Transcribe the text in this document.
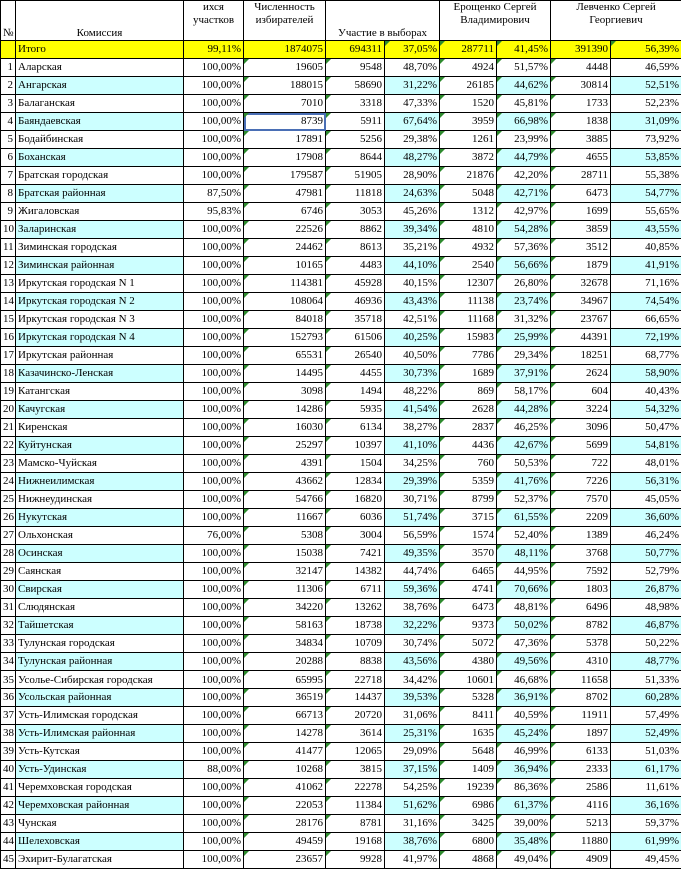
№	Комиссия	ихся участков	Численность избирателей	Участие в выборах		Ерощенко Сергей Владимирович		Левченко Сергей Георгиевич	
	Итого	99,11%	1874075	694311	37,05%	287711	41,45%	391390	56,39%
1	Аларская	100,00%	19605	9548	48,70%	4924	51,57%	4448	46,59%
2	Ангарская	100,00%	188015	58690	31,22%	26185	44,62%	30814	52,51%
3	Балаганская	100,00%	7010	3318	47,33%	1520	45,81%	1733	52,23%
4	Баяндаевская	100,00%	8739	5911	67,64%	3959	66,98%	1838	31,09%
5	Бодайбинская	100,00%	17891	5256	29,38%	1261	23,99%	3885	73,92%
6	Боханская	100,00%	17908	8644	48,27%	3872	44,79%	4655	53,85%
7	Братская городская	100,00%	179587	51905	28,90%	21876	42,20%	28711	55,38%
8	Братская районная	87,50%	47981	11818	24,63%	5048	42,71%	6473	54,77%
9	Жигаловская	95,83%	6746	3053	45,26%	1312	42,97%	1699	55,65%
10	Заларинская	100,00%	22526	8862	39,34%	4810	54,28%	3859	43,55%
11	Зиминская городская	100,00%	24462	8613	35,21%	4932	57,36%	3512	40,85%
12	Зиминская районная	100,00%	10165	4483	44,10%	2540	56,66%	1879	41,91%
13	Иркутская городская N 1	100,00%	114381	45928	40,15%	12307	26,80%	32678	71,16%
14	Иркутская городская N 2	100,00%	108064	46936	43,43%	11138	23,74%	34967	74,54%
15	Иркутская городская N 3	100,00%	84018	35718	42,51%	11168	31,32%	23767	66,65%
16	Иркутская городская N 4	100,00%	152793	61506	40,25%	15983	25,99%	44391	72,19%
17	Иркутская районная	100,00%	65531	26540	40,50%	7786	29,34%	18251	68,77%
18	Казачинско-Ленская	100,00%	14495	4455	30,73%	1689	37,91%	2624	58,90%
19	Катангская	100,00%	3098	1494	48,22%	869	58,17%	604	40,43%
20	Качугская	100,00%	14286	5935	41,54%	2628	44,28%	3224	54,32%
21	Киренская	100,00%	16030	6134	38,27%	2837	46,25%	3096	50,47%
22	Куйтунская	100,00%	25297	10397	41,10%	4436	42,67%	5699	54,81%
23	Мамско-Чуйская	100,00%	4391	1504	34,25%	760	50,53%	722	48,01%
24	Нижнеилимская	100,00%	43662	12834	29,39%	5359	41,76%	7226	56,31%
25	Нижнеудинская	100,00%	54766	16820	30,71%	8799	52,37%	7570	45,05%
26	Нукутская	100,00%	11667	6036	51,74%	3715	61,55%	2209	36,60%
27	Ольхонская	76,00%	5308	3004	56,59%	1574	52,40%	1389	46,24%
28	Осинская	100,00%	15038	7421	49,35%	3570	48,11%	3768	50,77%
29	Саянская	100,00%	32147	14382	44,74%	6465	44,95%	7592	52,79%
30	Свирская	100,00%	11306	6711	59,36%	4741	70,66%	1803	26,87%
31	Слюдянская	100,00%	34220	13262	38,76%	6473	48,81%	6496	48,98%
32	Тайшетская	100,00%	58163	18738	32,22%	9373	50,02%	8782	46,87%
33	Тулунская городская	100,00%	34834	10709	30,74%	5072	47,36%	5378	50,22%
34	Тулунская районная	100,00%	20288	8838	43,56%	4380	49,56%	4310	48,77%
35	Усолье-Сибирская городская	100,00%	65995	22718	34,42%	10601	46,68%	11658	51,33%
36	Усольская районная	100,00%	36519	14437	39,53%	5328	36,91%	8702	60,28%
37	Усть-Илимская городская	100,00%	66713	20720	31,06%	8411	40,59%	11911	57,49%
38	Усть-Илимская районная	100,00%	14278	3614	25,31%	1635	45,24%	1897	52,49%
39	Усть-Кутская	100,00%	41477	12065	29,09%	5648	46,99%	6133	51,03%
40	Усть-Удинская	88,00%	10268	3815	37,15%	1409	36,94%	2333	61,17%
41	Черемховская городская	100,00%	41062	22278	54,25%	19239	86,36%	2586	11,61%
42	Черемховская районная	100,00%	22053	11384	51,62%	6986	61,37%	4116	36,16%
43	Чунская	100,00%	28176	8781	31,16%	3425	39,00%	5213	59,37%
44	Шелеховская	100,00%	49459	19168	38,76%	6800	35,48%	11880	61,99%
45	Эхирит-Булагатская	100,00%	23657	9928	41,97%	4868	49,04%	4909	49,45%
